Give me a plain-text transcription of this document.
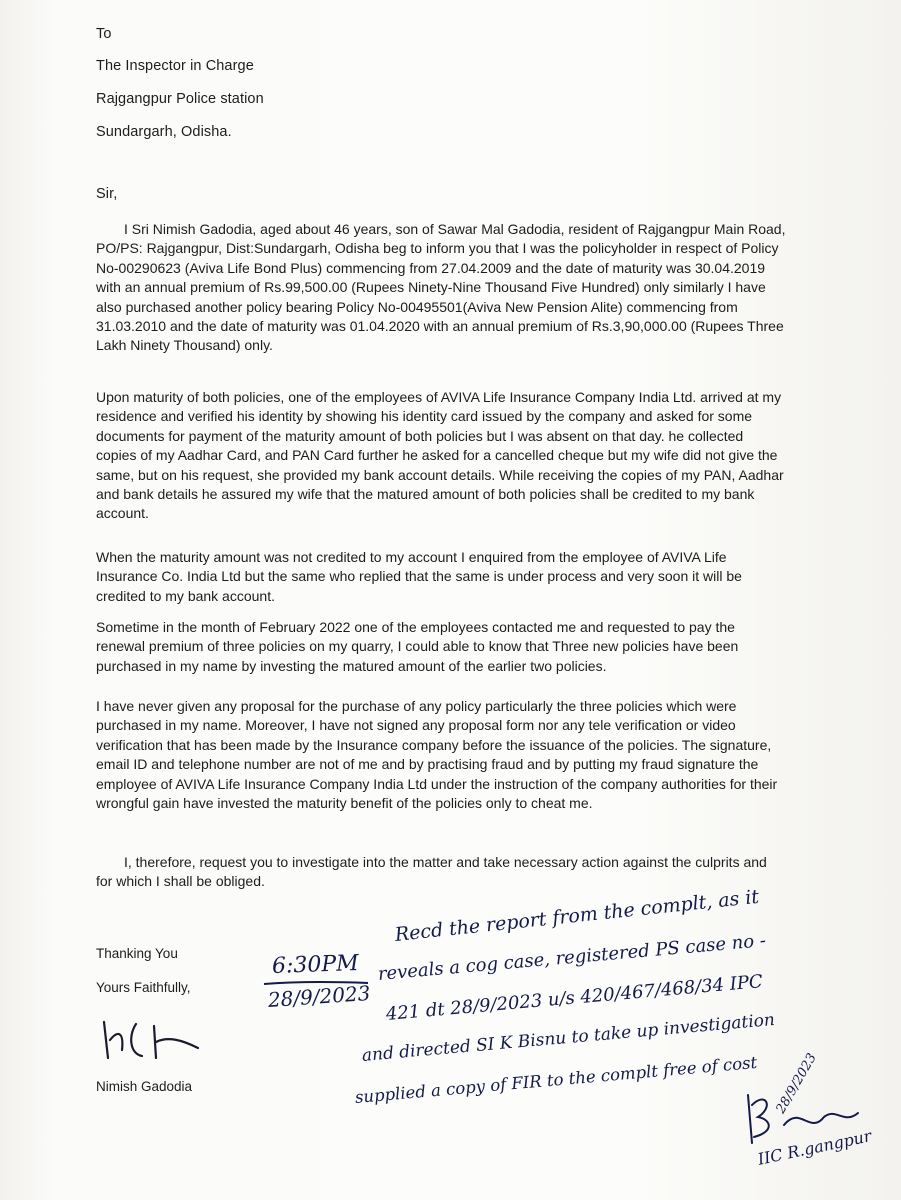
To
The Inspector in Charge
Rajgangpur Police station
Sundargarh, Odisha.
Sir,

I Sri Nimish Gadodia, aged about 46 years, son of Sawar Mal Gadodia, resident of Rajgangpur Main Road, PO/PS: Rajgangpur, Dist:Sundargarh, Odisha beg to inform you that I was the policyholder in respect of Policy No-00290623 (Aviva Life Bond Plus) commencing from 27.04.2009 and the date of maturity was 30.04.2019 with an annual premium of Rs.99,500.00 (Rupees Ninety-Nine Thousand Five Hundred) only similarly I have also purchased another policy bearing Policy No-00495501(Aviva New Pension Alite) commencing from 31.03.2010 and the date of maturity was 01.04.2020 with an annual premium of Rs.3,90,000.00 (Rupees Three Lakh Ninety Thousand) only.

Upon maturity of both policies, one of the employees of AVIVA Life Insurance Company India Ltd. arrived at my residence and verified his identity by showing his identity card issued by the company and asked for some documents for payment of the maturity amount of both policies but I was absent on that day. he collected copies of my Aadhar Card, and PAN Card further he asked for a cancelled cheque but my wife did not give the same, but on his request, she provided my bank account details. While receiving the copies of my PAN, Aadhar and bank details he assured my wife that the matured amount of both policies shall be credited to my bank account.

When the maturity amount was not credited to my account I enquired from the employee of AVIVA Life Insurance Co. India Ltd but the same who replied that the same is under process and very soon it will be credited to my bank account.

Sometime in the month of February 2022 one of the employees contacted me and requested to pay the renewal premium of three policies on my quarry, I could able to know that Three new policies have been purchased in my name by investing the matured amount of the earlier two policies.

I have never given any proposal for the purchase of any policy particularly the three policies which were purchased in my name. Moreover, I have not signed any proposal form nor any tele verification or video verification that has been made by the Insurance company before the issuance of the policies. The signature, email ID and telephone number are not of me and by practising fraud and by putting my fraud signature the employee of AVIVA Life Insurance Company India Ltd under the instruction of the company authorities for their wrongful gain have invested the maturity benefit of the policies only to cheat me.

I, therefore, request you to investigate into the matter and take necessary action against the culprits and for which I shall be obliged.

Thanking You
Yours Faithfully,
Nimish Gadodia
6:30PM
28/9/2023
Recd the report from the complt, as it
reveals a cog case, registered PS case no -
421 dt 28/9/2023 u/s 420/467/468/34 IPC
and directed SI K Bisnu to take up investigation
supplied a copy of FIR to the complt free of cost 28/9/2023
IIC R.gangpur
